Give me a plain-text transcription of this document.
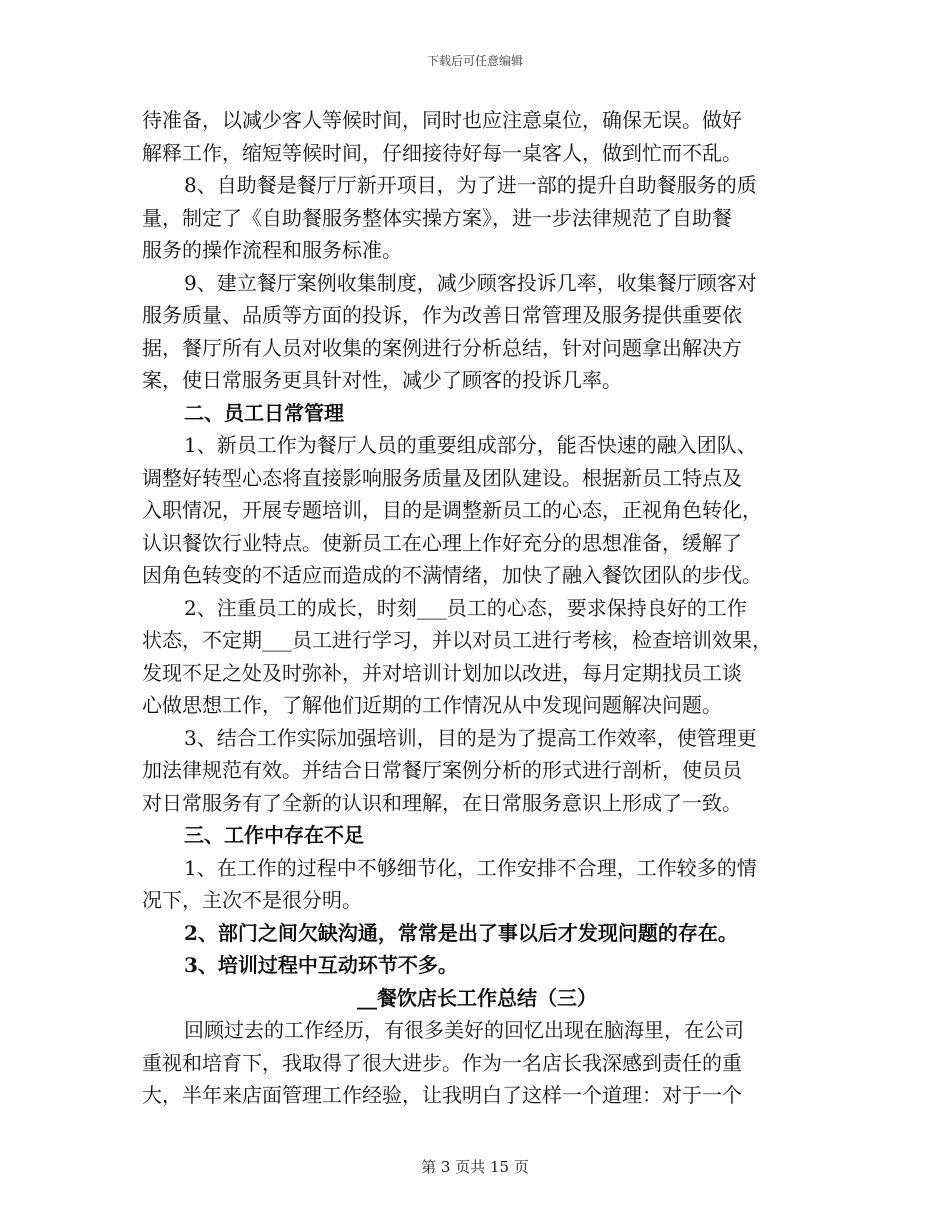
下载后可任意编辑

待准备，以减少客人等候时间，同时也应注意桌位，确保无误。做好

解释工作，缩短等候时间，仔细接待好每一桌客人，做到忙而不乱。

8、自助餐是餐厅厅新开项目，为了进一部的提升自助餐服务的质

量，制定了《自助餐服务整体实操方案》，进一步法律规范了自助餐

服务的操作流程和服务标准。

9、建立餐厅案例收集制度，减少顾客投诉几率，收集餐厅顾客对

服务质量、品质等方面的投诉，作为改善日常管理及服务提供重要依

据，餐厅所有人员对收集的案例进行分析总结，针对问题拿出解决方

案，使日常服务更具针对性，减少了顾客的投诉几率。

二、员工日常管理

1、新员工作为餐厅人员的重要组成部分，能否快速的融入团队、

调整好转型心态将直接影响服务质量及团队建设。根据新员工特点及

入职情况，开展专题培训，目的是调整新员工的心态，正视角色转化，

认识餐饮行业特点。使新员工在心理上作好充分的思想准备，缓解了

因角色转变的不适应而造成的不满情绪，加快了融入餐饮团队的步伐。

2、注重员工的成长，时刻___员工的心态，要求保持良好的工作

状态，不定期___员工进行学习，并以对员工进行考核，检查培训效果，

发现不足之处及时弥补，并对培训计划加以改进，每月定期找员工谈

心做思想工作，了解他们近期的工作情况从中发现问题解决问题。

3、结合工作实际加强培训，目的是为了提高工作效率，使管理更

加法律规范有效。并结合日常餐厅案例分析的形式进行剖析，使员员

对日常服务有了全新的认识和理解，在日常服务意识上形成了一致。

三、工作中存在不足

1、在工作的过程中不够细节化，工作安排不合理，工作较多的情

况下，主次不是很分明。

2、部门之间欠缺沟通，常常是出了事以后才发现问题的存在。

3、培训过程中互动环节不多。

__餐饮店长工作总结（三）

回顾过去的工作经历，有很多美好的回忆出现在脑海里，在公司

重视和培育下，我取得了很大进步。作为一名店长我深感到责任的重

大，半年来店面管理工作经验，让我明白了这样一个道理：对于一个

第 3 页共 15 页
